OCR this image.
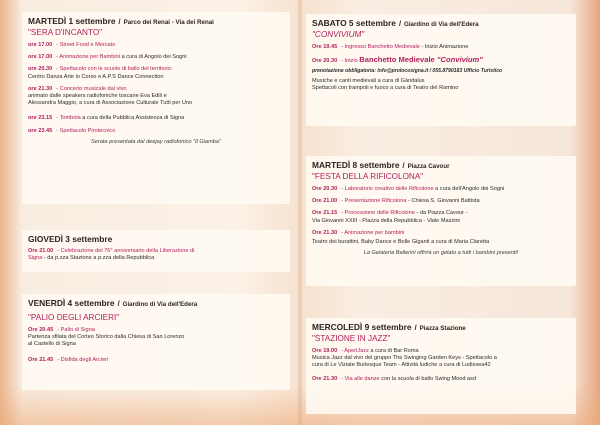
MARTEDÌ 1 settembre / Parco dei Renai - Via dei Renai
"SERA D'INCANTO"
ore 17.00 - Street Food e Mercato
ore 17.00 - Animazione per Bambini a cura di Angolo dei Sogni
ore 20.30 - Spettacolo con le scuole di ballo del territorio:
Centro Danza Arte in Corso e A.P.S Dance Connection
ore 21.30 - Concerto musicale dal vivo
animato dalle speakers radiofoniche toscane Eva Edili e
Alessandra Maggio, a cura di Associazione Culturale Tutti per Uno
ore 23.15 - Tombola a cura della Pubblica Assistenza di Signa
ore 23.45 - Spettacolo Pirotecnico
Serata presentata dal deejay radiofonico "Il Giamba"
GIOVEDÌ 3 settembre
Ore 21.00 - Celebrazione del 76° anniversario della Liberazione di
Signa - da p.zza Stazione a p.zza della Repubblica
VENERDÌ 4 settembre / Giardino di Via dell'Edera
"PALIO DEGLI ARCIERI"
Ore 20.45 - Palio di Signa
Partenza sfilata del Corteo Storico dalla Chiesa di San Lorenzo
al Castello di Signa
Ore 21.45 - Disfida degli Arcieri
SABATO 5 settembre / Giardino di Via dell'Edera
"CONVIVIUM"
Ore 19.45 - Ingresso Banchetto Medievale - Inizio Animazione
Ore 20.30 - Inizio Banchetto Medievale "Convivium"
prenotazione obbligatoria: info@prolocosigna.it / 055.8790183 Ufficio Turistico
Musiche e canti medievali a cura di Gàndalus
Spettacoli con trampoli e fuoco a cura di Teatro del Ramino
MARTEDÌ 8 settembre / Piazza Cavour
"FESTA DELLA RIFICOLONA"
Ore 20.30 - Laboratorio creativo delle Rificolone a cura dell'Angolo dei Sogni
Ore 21.00 - Presentazione Rificolona - Chiesa S. Giovanni Battista
Ore 21.15 - Processione delle Rificolone - da Piazza Cavour -
Via Giovanni XXIII - Piazza della Repubblica - Viale Mazzini
Ore 21.30 - Animazione per bambini
Teatro dei burattini, Baby Dance e Bolle Giganti a cura di Maria Claretta
La Gelateria Ballerini offrirà un gelato a tutti i bambini presenti!
MERCOLEDÌ 9 settembre / Piazza Stazione
"STAZIONE IN JAZZ"
Ore 19.00 - AperiJazz a cura di Bar Roma
Musica Jazz dal vivo del gruppo The Swinging Garden Keys - Spettacolo a
cura di Le Viziate Burlesque Team - Attività ludiche a cura di Ludissea42
Ore 21.30 - Via alle danze con la scuola di ballo Swing Mood asd
